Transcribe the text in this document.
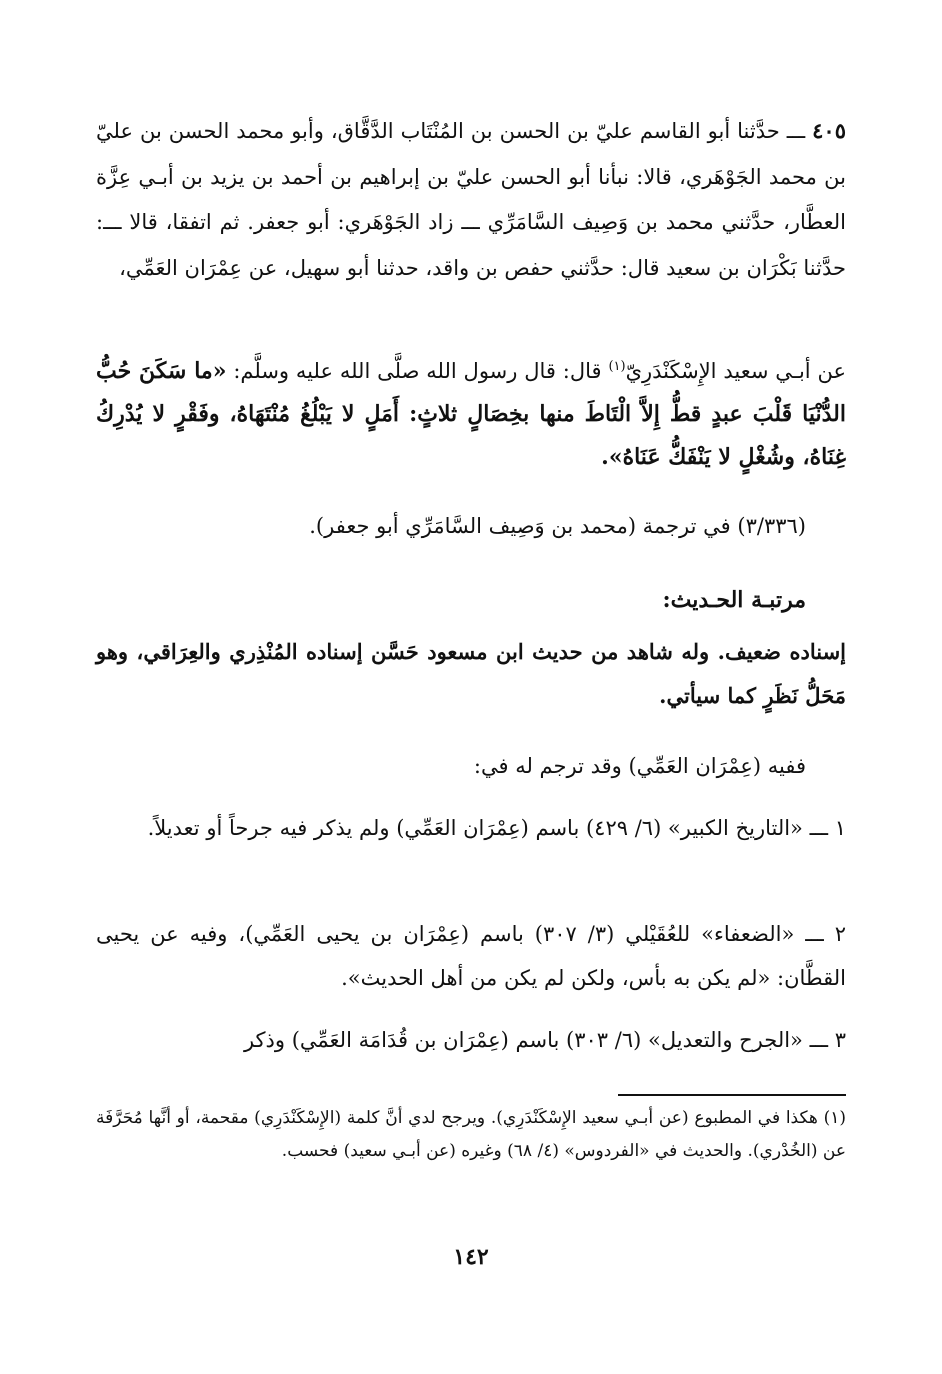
٤٠٥ ـــ حدَّثنا أبو القاسم عليّ بن الحسن بن المُنْتَاب الدَّقَّاق، وأبو محمد الحسن بن عليّ بن محمد الجَوْهَري، قالا: نبأنا أبو الحسن عليّ بن إبراهيم بن أحمد بن يزيد بن أبـي عِزَّة العطَّار، حدَّثني محمد بن وَصِيف السَّامَرِّي ـــ زاد الجَوْهَري: أبو جعفر. ثم اتفقا، قالا ـــ: حدَّثنا بَكْرَان بن سعيد قال: حدَّثني حفص بن واقد، حدثنا أبو سهيل، عن عِمْرَان العَمِّي،

عن أبـي سعيد الإِسْكَنْدَرِيّ$^{(١)}$ قال: قال رسول الله صلَّى الله عليه وسلَّم: «ما سَكَنَ حُبُّ الدُّنْيَا قَلْبَ عبدٍ قطُّ إِلاَّ الْتَاطَ منها بخِصَالٍ ثلاثٍ: أَمَلٍ لا يَبْلُغُ مُنْتَهَاهُ، وفَقْرٍ لا يُدْرِكُ غِنَاهُ، وشُغْلٍ لا يَنْفَكُّ عَنَاهُ».

(٣/٣٣٦) في ترجمة (محمد بن وَصِيف السَّامَرِّي أبو جعفر).

مرتبـة الحـديث:

إسناده ضعيف. وله شاهد من حديث ابن مسعود حَسَّن إسناده المُنْذِري والعِرَاقي، وهو مَحَلُّ نَظَرٍ كما سيأتي.

ففيه (عِمْرَان العَمِّي) وقد ترجم له في:

١ ـــ «التاريخ الكبير» (٦/ ٤٢٩) باسم (عِمْرَان العَمِّي) ولم يذكر فيه جرحاً أو تعديلاً.

٢ ـــ «الضعفاء» للعُقَيْلي (٣/ ٣٠٧) باسم (عِمْرَان بن يحيى العَمِّي)، وفيه عن يحيى القطَّان: «لم يكن به بأس، ولكن لم يكن من أهل الحديث».

٣ ـــ «الجرح والتعديل» (٦/ ٣٠٣) باسم (عِمْرَان بن قُدَامَة العَمِّي) وذكر

(١) هكذا في المطبوع (عن أبـي سعيد الإِسْكَنْدَرِي). ويرجح لدي أنَّ كلمة (الإِسْكَنْدَرِي) مقحمة، أو أنَّها مُحَرَّفَة عن (الخُدْري). والحديث في «الفردوس» (٤/ ٦٨) وغيره (عن أبـي سعيد) فحسب.

١٤٢
